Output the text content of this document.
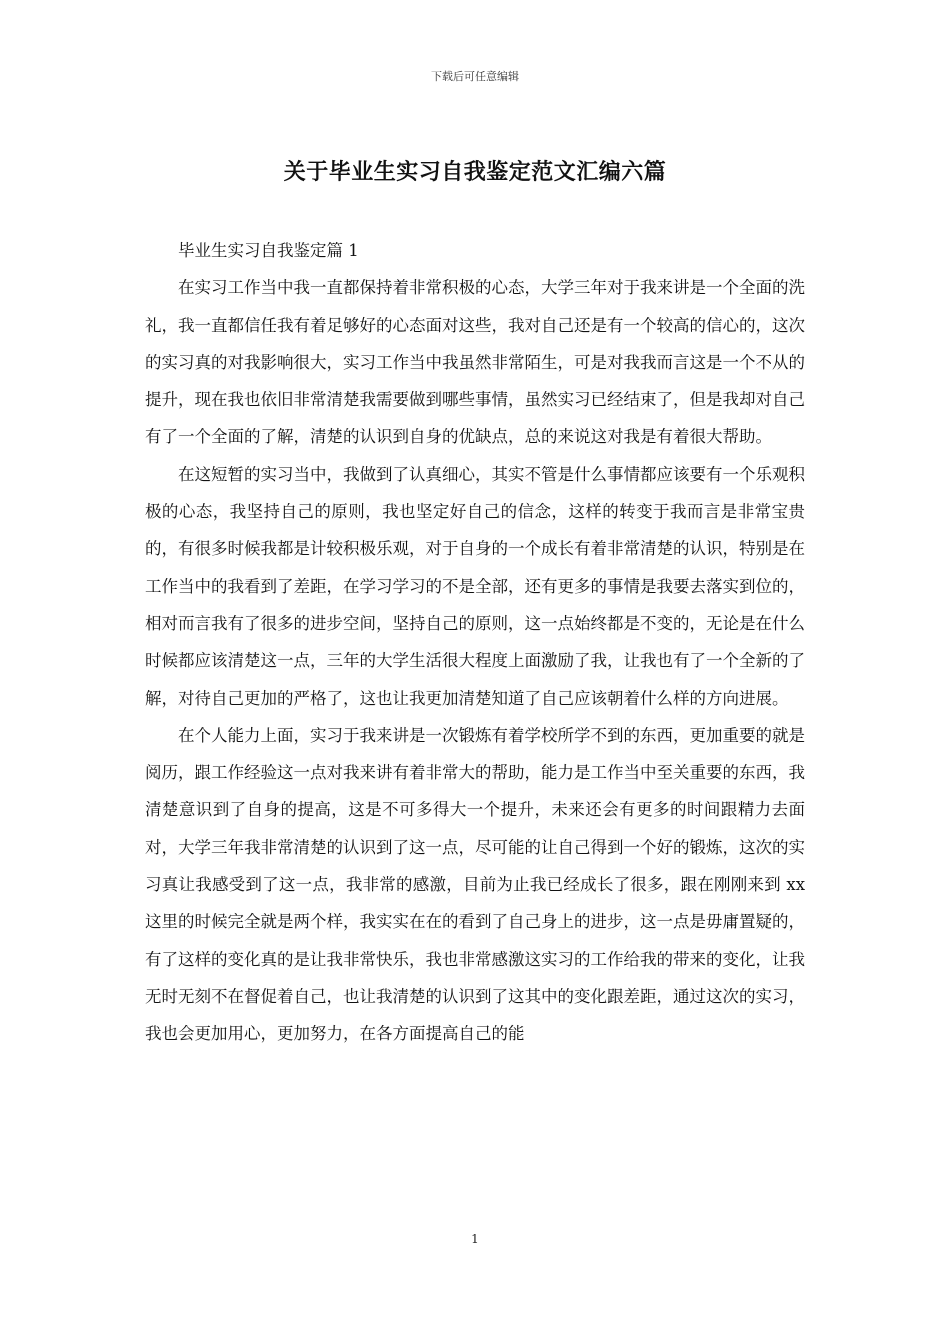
下载后可任意编辑
关于毕业生实习自我鉴定范文汇编六篇

毕业生实习自我鉴定篇 1

在实习工作当中我一直都保持着非常积极的心态，大学三年对于我来讲是一个全面的洗礼，我一直都信任我有着足够好的心态面对这些，我对自己还是有一个较高的信心的，这次的实习真的对我影响很大，实习工作当中我虽然非常陌生，可是对我我而言这是一个不从的提升，现在我也依旧非常清楚我需要做到哪些事情，虽然实习已经结束了，但是我却对自己有了一个全面的了解，清楚的认识到自身的优缺点，总的来说这对我是有着很大帮助。

在这短暂的实习当中，我做到了认真细心，其实不管是什么事情都应该要有一个乐观积极的心态，我坚持自己的原则，我也坚定好自己的信念，这样的转变于我而言是非常宝贵的，有很多时候我都是计较积极乐观，对于自身的一个成长有着非常清楚的认识，特别是在工作当中的我看到了差距，在学习学习的不是全部，还有更多的事情是我要去落实到位的，相对而言我有了很多的进步空间，坚持自己的原则，这一点始终都是不变的，无论是在什么时候都应该清楚这一点，三年的大学生活很大程度上面激励了我，让我也有了一个全新的了解，对待自己更加的严格了，这也让我更加清楚知道了自己应该朝着什么样的方向进展。

在个人能力上面，实习于我来讲是一次锻炼有着学校所学不到的东西，更加重要的就是阅历，跟工作经验这一点对我来讲有着非常大的帮助，能力是工作当中至关重要的东西，我清楚意识到了自身的提高，这是不可多得大一个提升，未来还会有更多的时间跟精力去面对，大学三年我非常清楚的认识到了这一点，尽可能的让自己得到一个好的锻炼，这次的实习真让我感受到了这一点，我非常的感激，目前为止我已经成长了很多，跟在刚刚来到 xx 这里的时候完全就是两个样，我实实在在的看到了自己身上的进步，这一点是毋庸置疑的，有了这样的变化真的是让我非常快乐，我也非常感激这实习的工作给我的带来的变化，让我无时无刻不在督促着自己，也让我清楚的认识到了这其中的变化跟差距，通过这次的实习，我也会更加用心，更加努力，在各方面提高自己的能

1
